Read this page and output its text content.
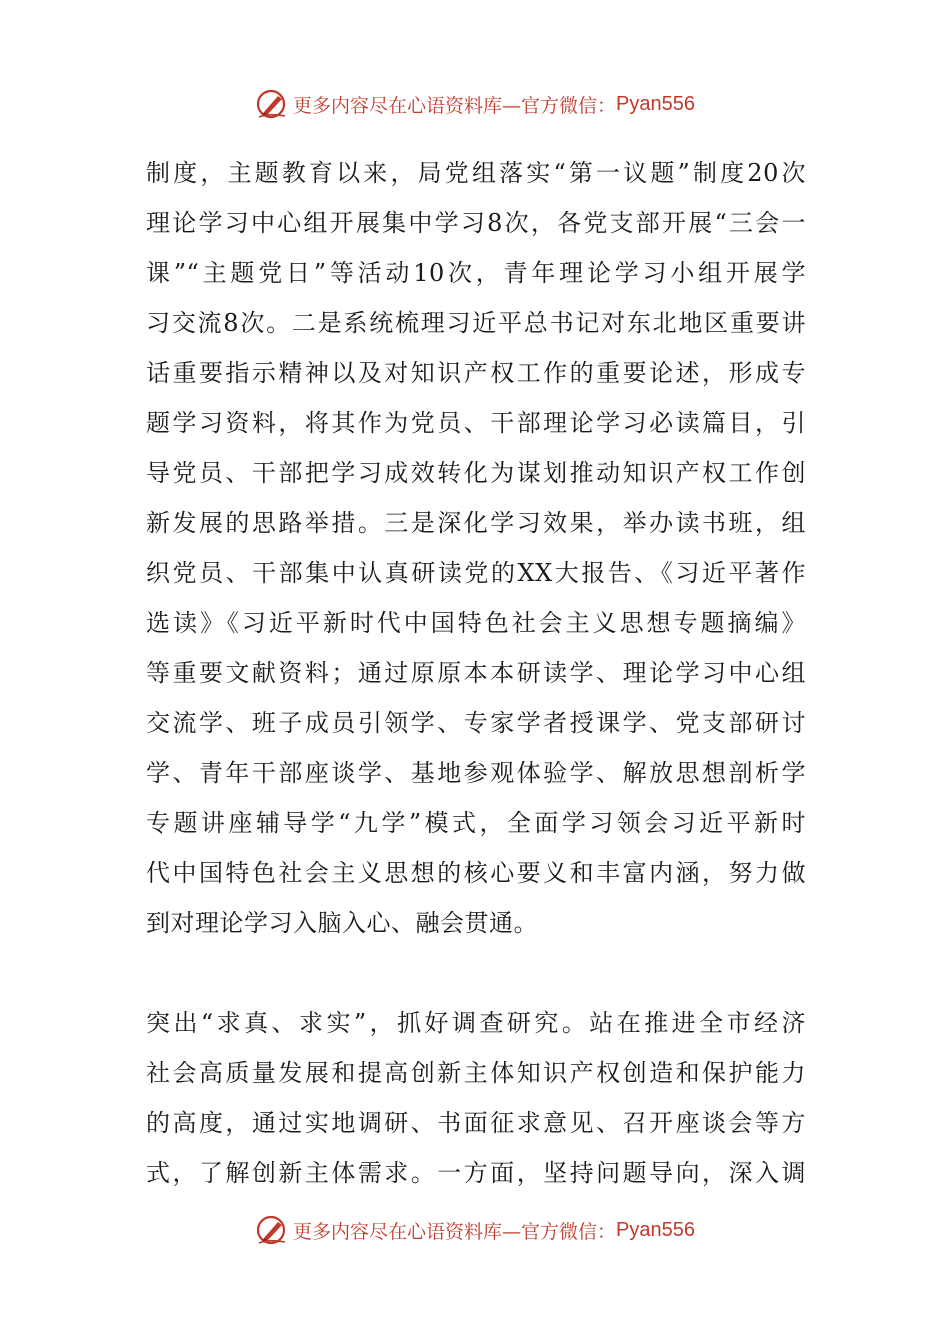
更多内容尽在心语资料库—官方微信： Pyan556
制度，主题教育以来，局党组落实“第一议题”制度20次
理论学习中心组开展集中学习8次，各党支部开展“三会一
课”“主题党日”等活动10次，青年理论学习小组开展学
习交流8次。二是系统梳理习近平总书记对东北地区重要讲
话重要指示精神以及对知识产权工作的重要论述，形成专
题学习资料，将其作为党员、干部理论学习必读篇目，引
导党员、干部把学习成效转化为谋划推动知识产权工作创
新发展的思路举措。三是深化学习效果，举办读书班，组
织党员、干部集中认真研读党的XX大报告、《习近平著作
选读》《习近平新时代中国特色社会主义思想专题摘编》
等重要文献资料；通过原原本本研读学、理论学习中心组
交流学、班子成员引领学、专家学者授课学、党支部研讨
学、青年干部座谈学、基地参观体验学、解放思想剖析学
专题讲座辅导学“九学”模式，全面学习领会习近平新时
代中国特色社会主义思想的核心要义和丰富内涵，努力做
到对理论学习入脑入心、融会贯通。
突出“求真、求实”，抓好调查研究。站在推进全市经济
社会高质量发展和提高创新主体知识产权创造和保护能力
的高度，通过实地调研、书面征求意见、召开座谈会等方
式，了解创新主体需求。一方面，坚持问题导向，深入调
更多内容尽在心语资料库—官方微信： Pyan556
